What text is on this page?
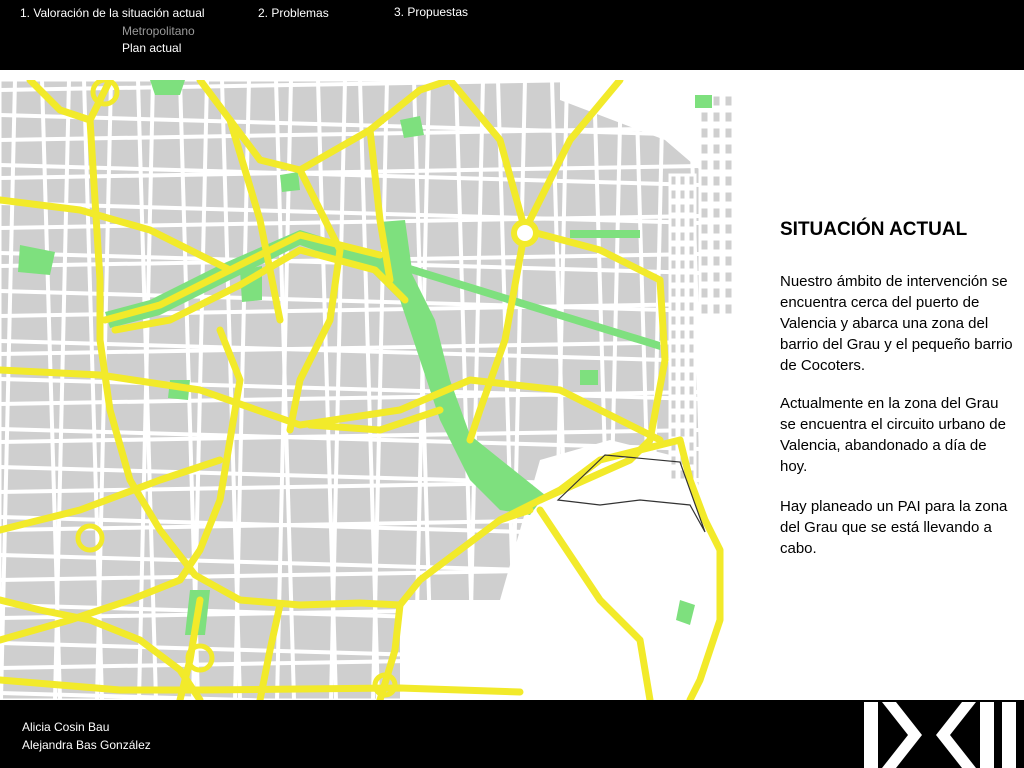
1. Valoración de la situación actual	2. Problemas	3. Propuestas
Metropolitano
Plan actual
SITUACIÓN ACTUAL

Nuestro ámbito de intervención se encuentra cerca del puerto de Valencia y abarca una zona del barrio del Grau y el pequeño barrio de Cocoters.

Actualmente en la zona del Grau se encuentra el circuito urbano de Valencia, abandonado a día de hoy.

Hay planeado un PAI para la zona del Grau que se está llevando a cabo.

Alicia Cosin Bau
Alejandra Bas González
